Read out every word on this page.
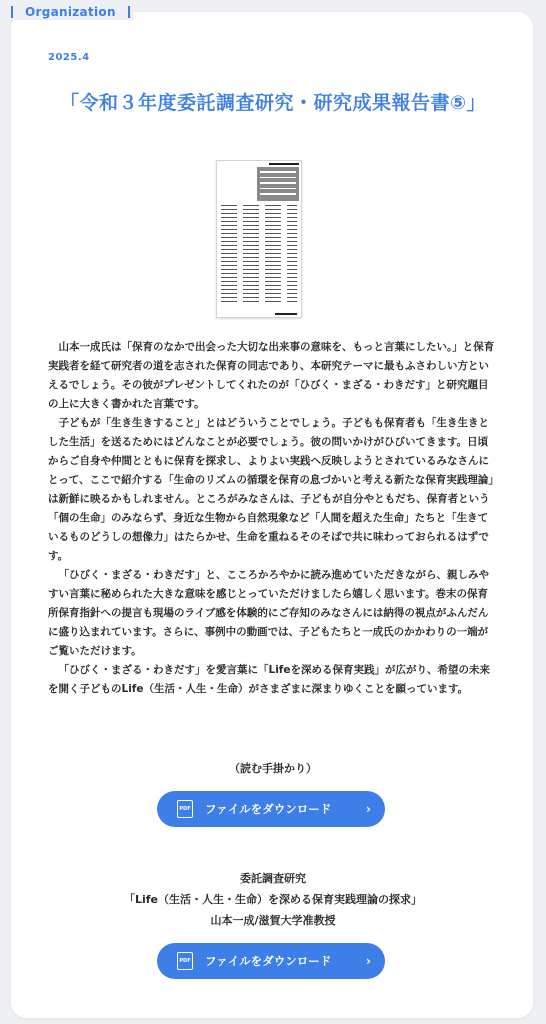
Organization
2025.4
「令和３年度委託調査研究・研究成果報告書⑤」

山本一成氏は「保育のなかで出会った大切な出来事の意味を、もっと言葉にしたい。」と保育実践者を経て研究者の道を志された保育の同志であり、本研究テーマに最もふさわしい方といえるでしょう。その彼がプレゼントしてくれたのが「ひびく・まざる・わきだす」と研究題目の上に大きく書かれた言葉です。

子どもが「生き生きすること」とはどういうことでしょう。子どもも保育者も「生き生きとした生活」を送るためにはどんなことが必要でしょう。彼の問いかけがひびいてきます。日頃からご自身や仲間とともに保育を探求し、よりよい実践へ反映しようとされているみなさんにとって、ここで紹介する「生命のリズムの循環を保育の息づかいと考える新たな保育実践理論」は新鮮に映るかもしれません。ところがみなさんは、子どもが自分やともだち、保育者という「個の生命」のみならず、身近な生物から自然現象など「人間を超えた生命」たちと「生きているものどうしの想像力」はたらかせ、生命を重ねるそのそばで共に味わっておられるはずです。

「ひびく・まざる・わきだす」と、こころかろやかに読み進めていただきながら、親しみやすい言葉に秘められた大きな意味を感じとっていただけましたら嬉しく思います。巻末の保育所保育指針への提言も現場のライブ感を体験的にご存知のみなさんには納得の視点がふんだんに盛り込まれています。さらに、事例中の動画では、子どもたちと一成氏のかかわりの一端がご覧いただけます。

「ひびく・まざる・わきだす」を愛言葉に「Lifeを深める保育実践」が広がり、希望の未来を開く子どものLife（生活・人生・生命）がさまざまに深まりゆくことを願っています。

（読む手掛かり）
PDF ファイルをダウンロード	›
委託調査研究
「Life（生活・人生・生命）を深める保育実践理論の探求」
山本一成/滋賀大学准教授
PDF ファイルをダウンロード	›
